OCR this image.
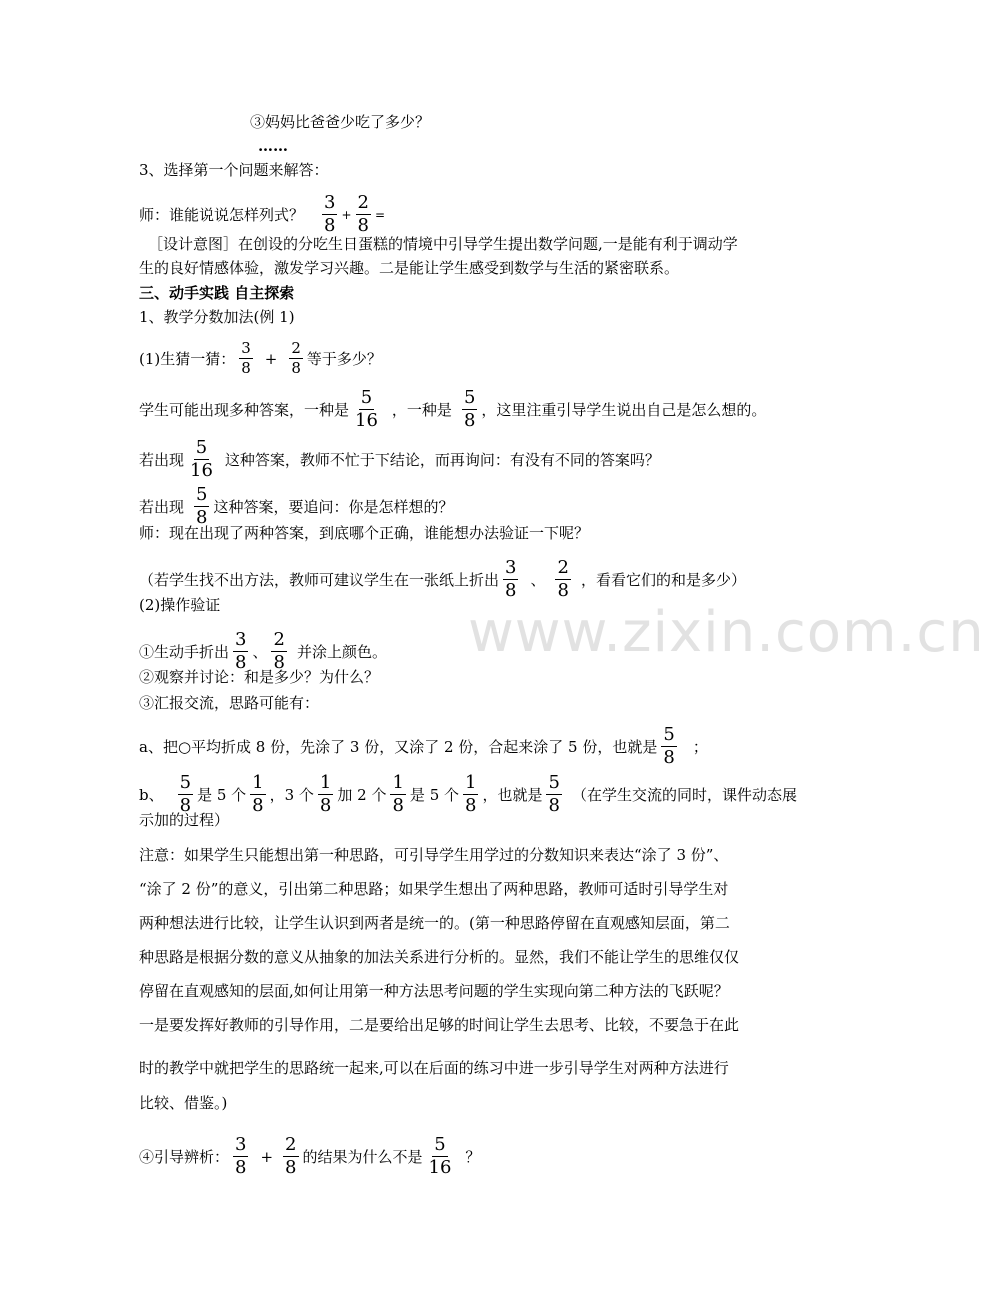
③妈妈比爸爸少吃了多少？
……
3、选择第一个问题来解答：
师：谁能说说怎样列式？ $\frac{3}{8} + \frac{2}{8}$ =
［设计意图］在创设的分吃生日蛋糕的情境中引导学生提出数学问题,一是能有利于调动学
生的良好情感体验，激发学习兴趣。二是能让学生感受到数学与生活的紧密联系。
三、动手实践 自主探索
1、教学分数加法(例 1)
(1)生猜一猜： $\frac{3}{8} + \frac{2}{8}$ 等于多少？
学生可能出现多种答案，一种是 $\frac{5}{16}$ ，一种是 $\frac{5}{8}$ ，这里注重引导学生说出自己是怎么想的。
若出现 $\frac{5}{16}$ 这种答案，教师不忙于下结论，而再询问：有没有不同的答案吗？
若出现 $\frac{5}{8}$ 这种答案，要追问：你是怎样想的？
师：现在出现了两种答案，到底哪个正确，谁能想办法验证一下呢？
（若学生找不出方法，教师可建议学生在一张纸上折出 $\frac{3}{8}$ 、 $\frac{2}{8}$ ，看看它们的和是多少）
(2)操作验证
①生动手折出 $\frac{3}{8}$ 、 $\frac{2}{8}$ 并涂上颜色。
②观察并讨论：和是多少？为什么？
③汇报交流，思路可能有：
a、把○平均折成 8 份，先涂了 3 份，又涂了 2 份，合起来涂了 5 份，也就是 $\frac{5}{8}$ ；
b、 $\frac{5}{8}$ 是 5 个 $\frac{1}{8}$ ，3 个 $\frac{1}{8}$ 加 2 个 $\frac{1}{8}$ 是 5 个 $\frac{1}{8}$ ，也就是 $\frac{5}{8}$ （在学生交流的同时，课件动态展
示加的过程）
注意：如果学生只能想出第一种思路，可引导学生用学过的分数知识来表达“涂了 3 份”、
“涂了 2 份”的意义，引出第二种思路；如果学生想出了两种思路，教师可适时引导学生对
两种想法进行比较，让学生认识到两者是统一的。(第一种思路停留在直观感知层面，第二
种思路是根据分数的意义从抽象的加法关系进行分析的。显然，我们不能让学生的思维仅仅
停留在直观感知的层面,如何让用第一种方法思考问题的学生实现向第二种方法的飞跃呢？
一是要发挥好教师的引导作用，二是要给出足够的时间让学生去思考、比较，不要急于在此
时的教学中就把学生的思路统一起来,可以在后面的练习中进一步引导学生对两种方法进行
比较、借鉴。)
④引导辨析： $\frac{3}{8} + \frac{2}{8}$ 的结果为什么不是 $\frac{5}{16}$ ？
www.zixin.com.cn
